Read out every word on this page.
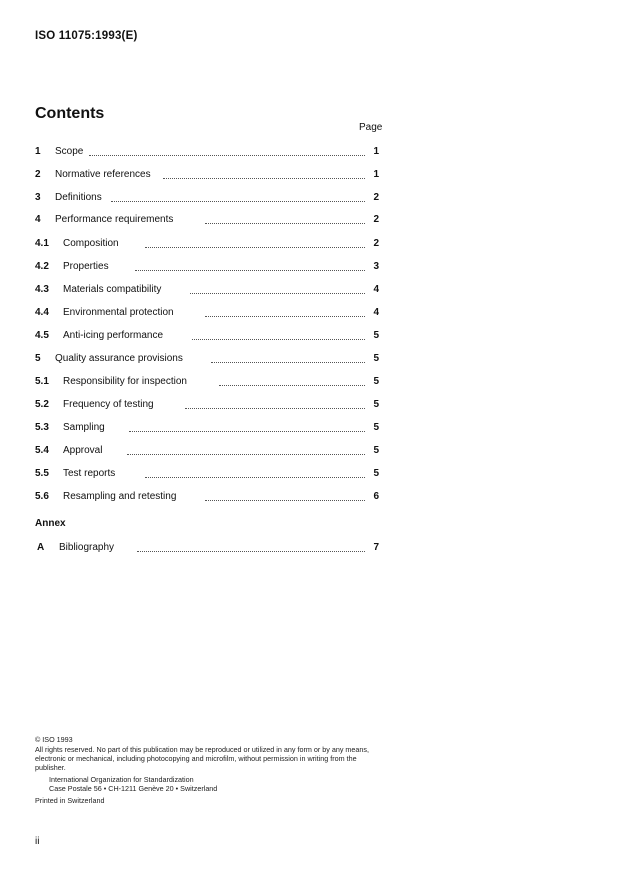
ISO 11075:1993(E)
Contents
Page
1 Scope	1
2 Normative references	1
3 Definitions	2
4 Performance requirements	2
4.1 Composition	2
4.2 Properties	3
4.3 Materials compatibility	4
4.4 Environmental protection	4
4.5 Anti-icing performance	5
5 Quality assurance provisions	5
5.1 Responsibility for inspection	5
5.2 Frequency of testing	5
5.3 Sampling	5
5.4 Approval	5
5.5 Test reports	5
5.6 Resampling and retesting	6
Annex
A Bibliography	7
© ISO 1993
All rights reserved. No part of this publication may be reproduced or utilized in any form or by any means, electronic or mechanical, including photocopying and microfilm, without permission in writing from the publisher.
International Organization for Standardization
Case Postale 56 • CH-1211 Genève 20 • Switzerland
Printed in Switzerland
ii
